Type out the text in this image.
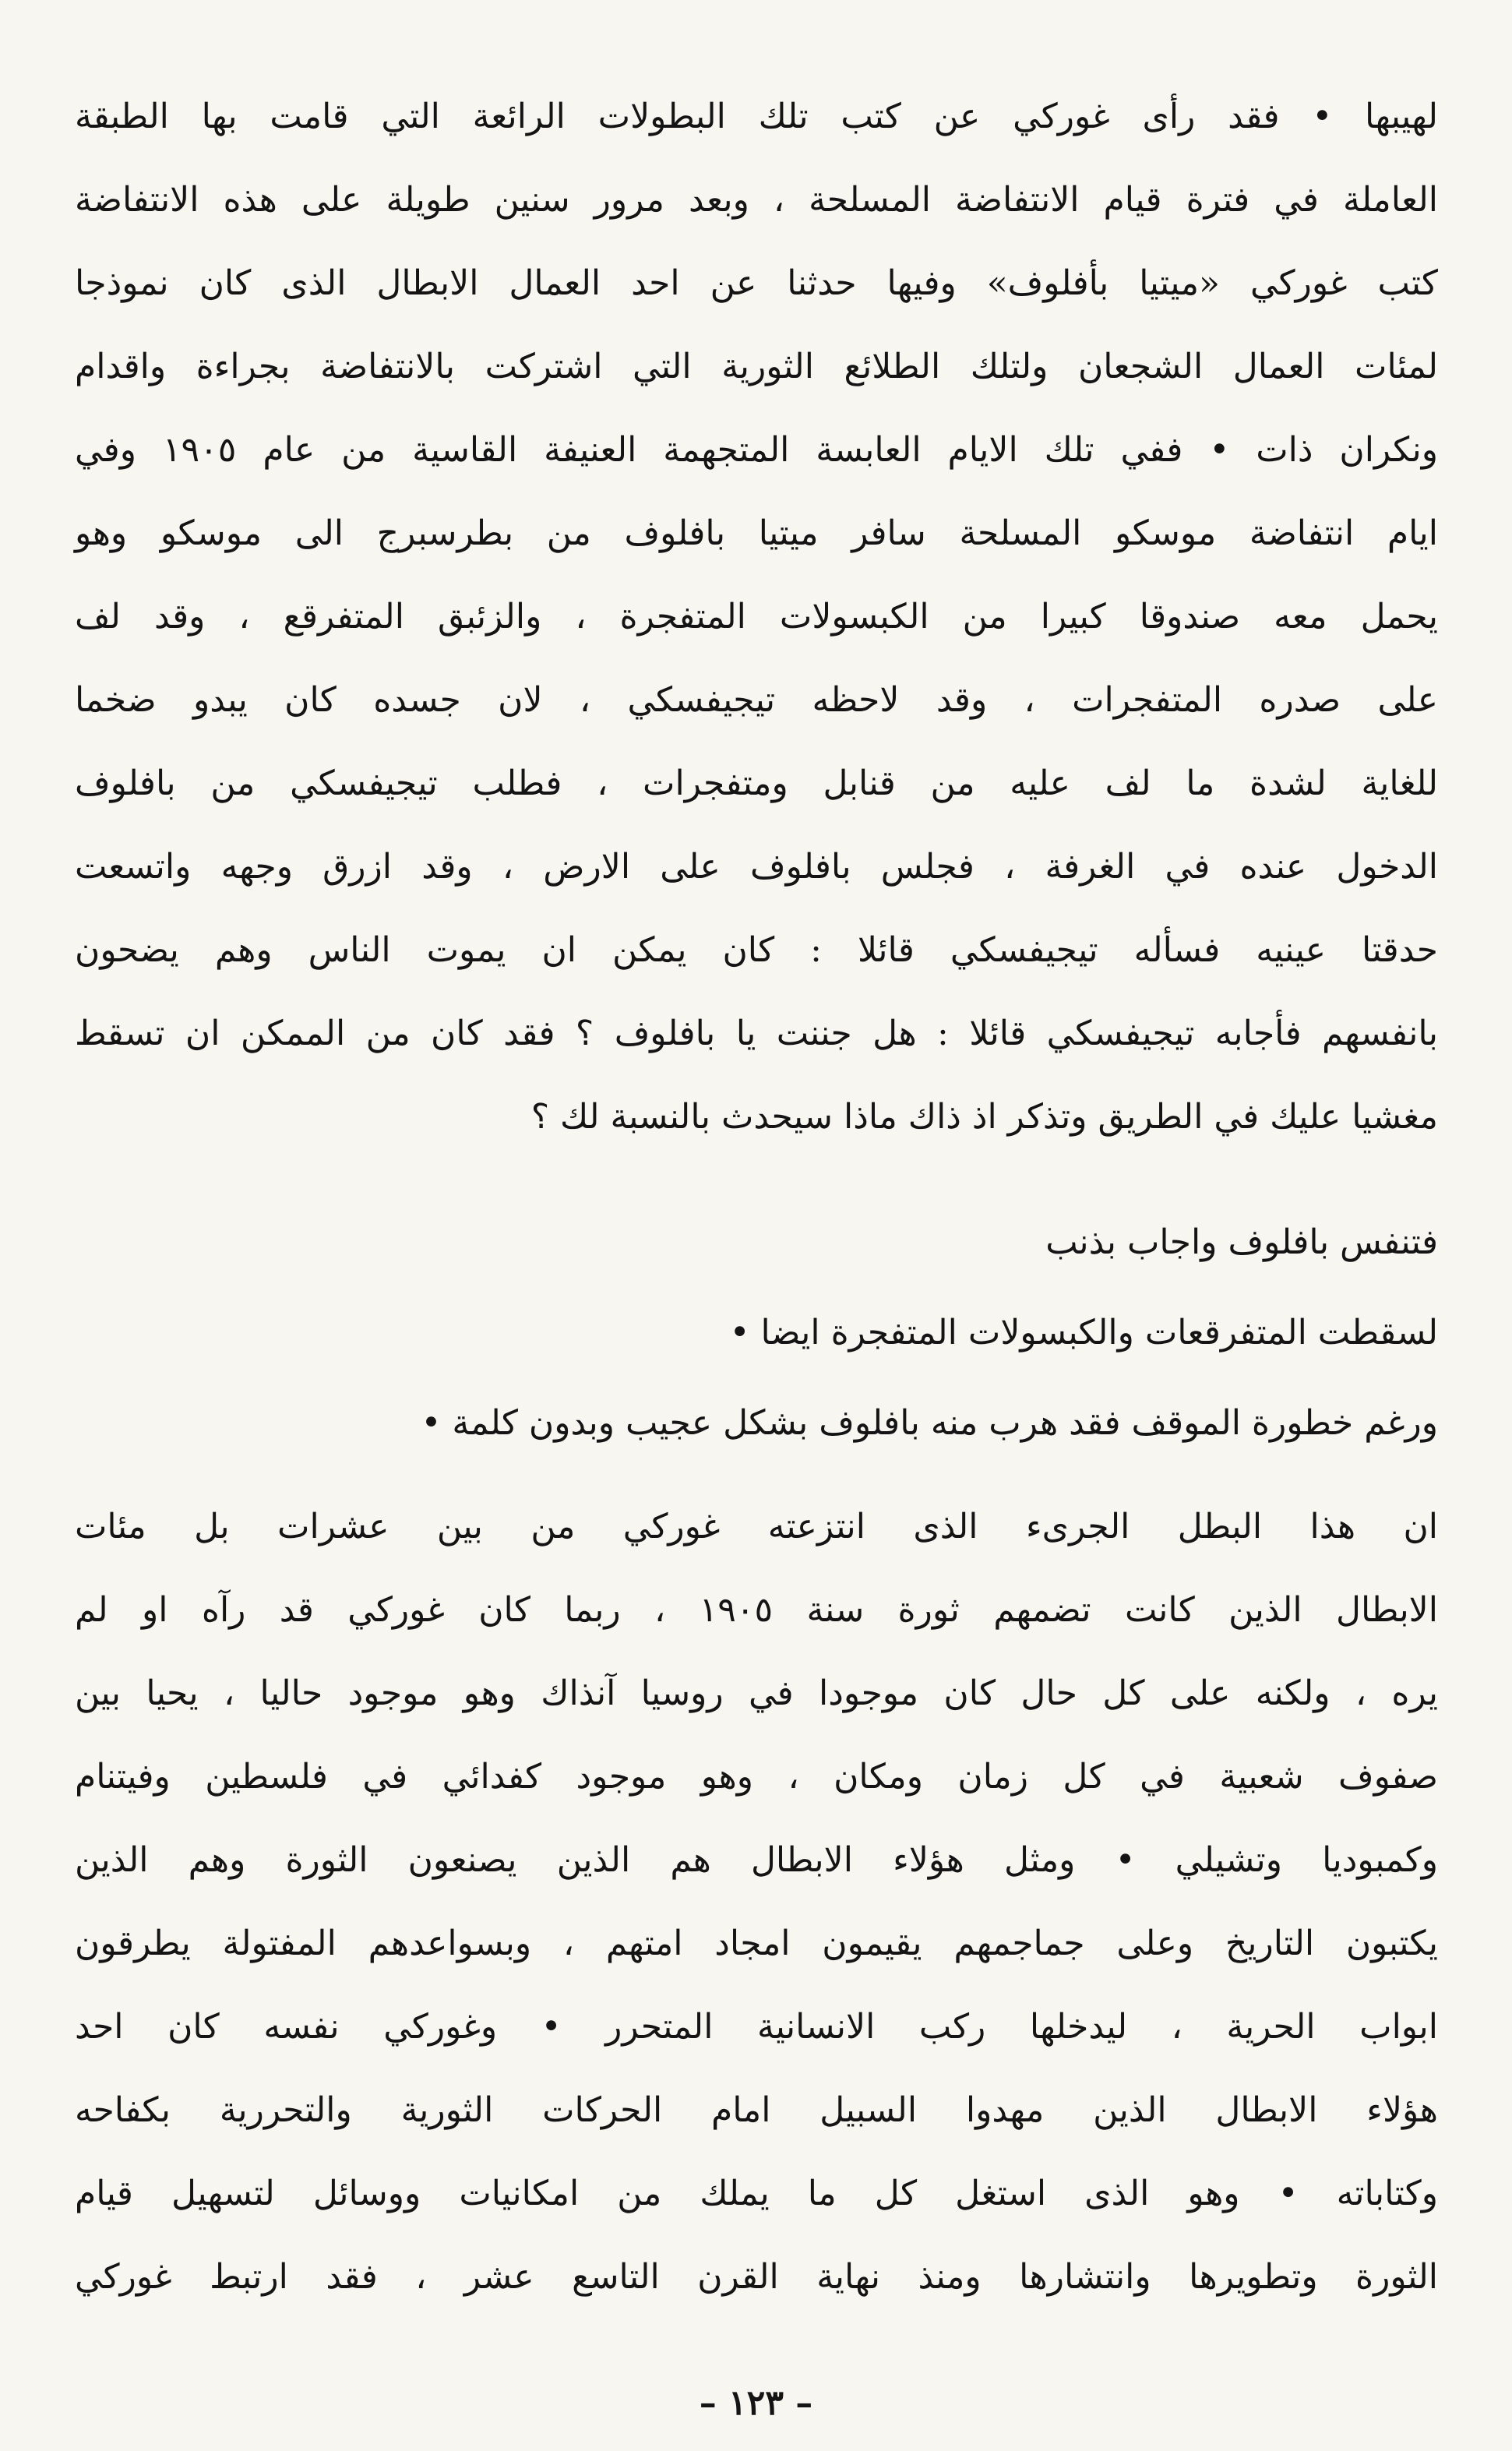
لهيبها • فقد رأى غوركي عن كتب تلك البطولات الرائعة التي قامت بها الطبقة
العاملة في فترة قيام الانتفاضة المسلحة ، وبعد مرور سنين طويلة على هذه الانتفاضة
كتب غوركي «ميتيا بأفلوف» وفيها حدثنا عن احد العمال الابطال الذى كان نموذجا
لمئات العمال الشجعان ولتلك الطلائع الثورية التي اشتركت بالانتفاضة بجراءة واقدام
ونكران ذات • ففي تلك الايام العابسة المتجهمة العنيفة القاسية من عام ١٩٠٥ وفي
ايام انتفاضة موسكو المسلحة سافر ميتيا بافلوف من بطرسبرج الى موسكو وهو
يحمل معه صندوقا كبيرا من الكبسولات المتفجرة ، والزئبق المتفرقع ، وقد لف
على صدره المتفجرات ، وقد لاحظه تيجيفسكي ، لان جسده كان يبدو ضخما
للغاية لشدة ما لف عليه من قنابل ومتفجرات ، فطلب تيجيفسكي من بافلوف
الدخول عنده في الغرفة ، فجلس بافلوف على الارض ، وقد ازرق وجهه واتسعت
حدقتا عينيه فسأله تيجيفسكي قائلا : كان يمكن ان يموت الناس وهم يضحون
بانفسهم فأجابه تيجيفسكي قائلا : هل جننت يا بافلوف ؟ فقد كان من الممكن ان تسقط
مغشيا عليك في الطريق وتذكر اذ ذاك ماذا سيحدث بالنسبة لك ؟
فتنفس بافلوف واجاب بذنب
لسقطت المتفرقعات والكبسولات المتفجرة ايضا •
ورغم خطورة الموقف فقد هرب منه بافلوف بشكل عجيب وبدون كلمة •
ان هذا البطل الجرىء الذى انتزعته غوركي من بين عشرات بل مئات
الابطال الذين كانت تضمهم ثورة سنة ١٩٠٥ ، ربما كان غوركي قد رآه او لم
يره ، ولكنه على كل حال كان موجودا في روسيا آنذاك وهو موجود حاليا ، يحيا بين
صفوف شعبية في كل زمان ومكان ، وهو موجود كفدائي في فلسطين وفيتنام
وكمبوديا وتشيلي • ومثل هؤلاء الابطال هم الذين يصنعون الثورة وهم الذين
يكتبون التاريخ وعلى جماجمهم يقيمون امجاد امتهم ، وبسواعدهم المفتولة يطرقون
ابواب الحرية ، ليدخلها ركب الانسانية المتحرر • وغوركي نفسه كان احد
هؤلاء الابطال الذين مهدوا السبيل امام الحركات الثورية والتحررية بكفاحه
وكتاباته • وهو الذى استغل كل ما يملك من امكانيات ووسائل لتسهيل قيام
الثورة وتطويرها وانتشارها ومنذ نهاية القرن التاسع عشر ، فقد ارتبط غوركي
– ١٢٣ –
